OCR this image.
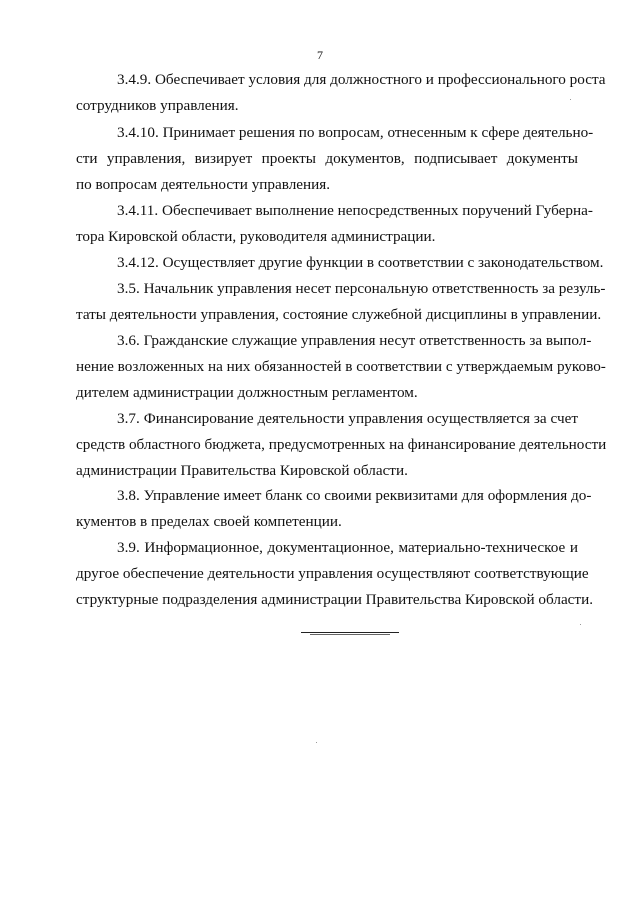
7
3.4.9. Обеспечивает условия для должностного и профессионального роста
сотрудников управления.
3.4.10. Принимает решения по вопросам, отнесенным к сфере деятельно-
сти управления, визирует проекты документов, подписывает документы
по вопросам деятельности управления.
3.4.11. Обеспечивает выполнение непосредственных поручений Губерна-
тора Кировской области, руководителя администрации.
3.4.12. Осуществляет другие функции в соответствии с законодательством.
3.5. Начальник управления несет персональную ответственность за резуль-
таты деятельности управления, состояние служебной дисциплины в управлении.
3.6. Гражданские служащие управления несут ответственность за выпол-
нение возложенных на них обязанностей в соответствии с утверждаемым руково-
дителем администрации должностным регламентом.
3.7. Финансирование деятельности управления осуществляется за счет
средств областного бюджета, предусмотренных на финансирование деятельности
администрации Правительства Кировской области.
3.8. Управление имеет бланк со своими реквизитами для оформления до-
кументов в пределах своей компетенции.
3.9. Информационное, документационное, материально-техническое и
другое обеспечение деятельности управления осуществляют соответствующие
структурные подразделения администрации Правительства Кировской области.
